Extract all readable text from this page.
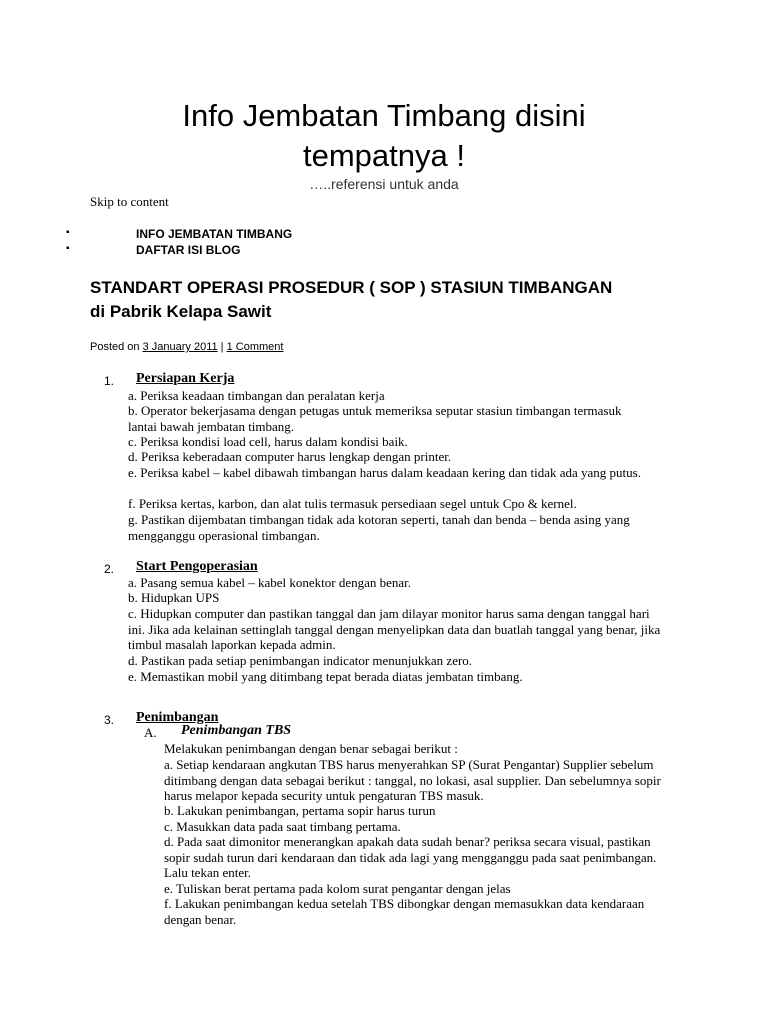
Info Jembatan Timbang disini
tempatnya !
…..referensi untuk anda
Skip to content
▪	INFO JEMBATAN TIMBANG
▪	DAFTAR ISI BLOG
STANDART OPERASI PROSEDUR ( SOP ) STASIUN TIMBANGAN
di Pabrik Kelapa Sawit
Posted on 3 January 2011 | 1 Comment
1. Persiapan Kerja
a. Periksa keadaan timbangan dan peralatan kerja
b. Operator bekerjasama dengan petugas untuk memeriksa seputar stasiun timbangan termasuk lantai bawah jembatan timbang.
c. Periksa kondisi load cell, harus dalam kondisi baik.
d. Periksa keberadaan computer harus lengkap dengan printer.
e. Periksa kabel – kabel dibawah timbangan harus dalam keadaan kering dan tidak ada yang putus.
f. Periksa kertas, karbon, dan alat tulis termasuk persediaan segel untuk Cpo & kernel.
g. Pastikan dijembatan timbangan tidak ada kotoran seperti, tanah dan benda – benda asing yang mengganggu operasional timbangan.
2. Start Pengoperasian
a. Pasang semua kabel – kabel konektor dengan benar.
b. Hidupkan UPS
c. Hidupkan computer dan pastikan tanggal dan jam dilayar monitor harus sama dengan tanggal hari ini. Jika ada kelainan settinglah tanggal dengan menyelipkan data dan buatlah tanggal yang benar, jika timbul masalah laporkan kepada admin.
d. Pastikan pada setiap penimbangan indicator menunjukkan zero.
e. Memastikan mobil yang ditimbang tepat berada diatas jembatan timbang.
3. Penimbangan
A. Penimbangan TBS
Melakukan penimbangan dengan benar sebagai berikut :
a. Setiap kendaraan angkutan TBS harus menyerahkan SP (Surat Pengantar) Supplier sebelum ditimbang dengan data sebagai berikut : tanggal, no lokasi, asal supplier. Dan sebelumnya sopir harus melapor kepada security untuk pengaturan TBS masuk.
b. Lakukan penimbangan, pertama sopir harus turun
c. Masukkan data pada saat timbang pertama.
d. Pada saat dimonitor menerangkan apakah data sudah benar? periksa secara visual, pastikan sopir sudah turun dari kendaraan dan tidak ada lagi yang mengganggu pada saat penimbangan. Lalu tekan enter.
e. Tuliskan berat pertama pada kolom surat pengantar dengan jelas
f. Lakukan penimbangan kedua setelah TBS dibongkar dengan memasukkan data kendaraan dengan benar.
